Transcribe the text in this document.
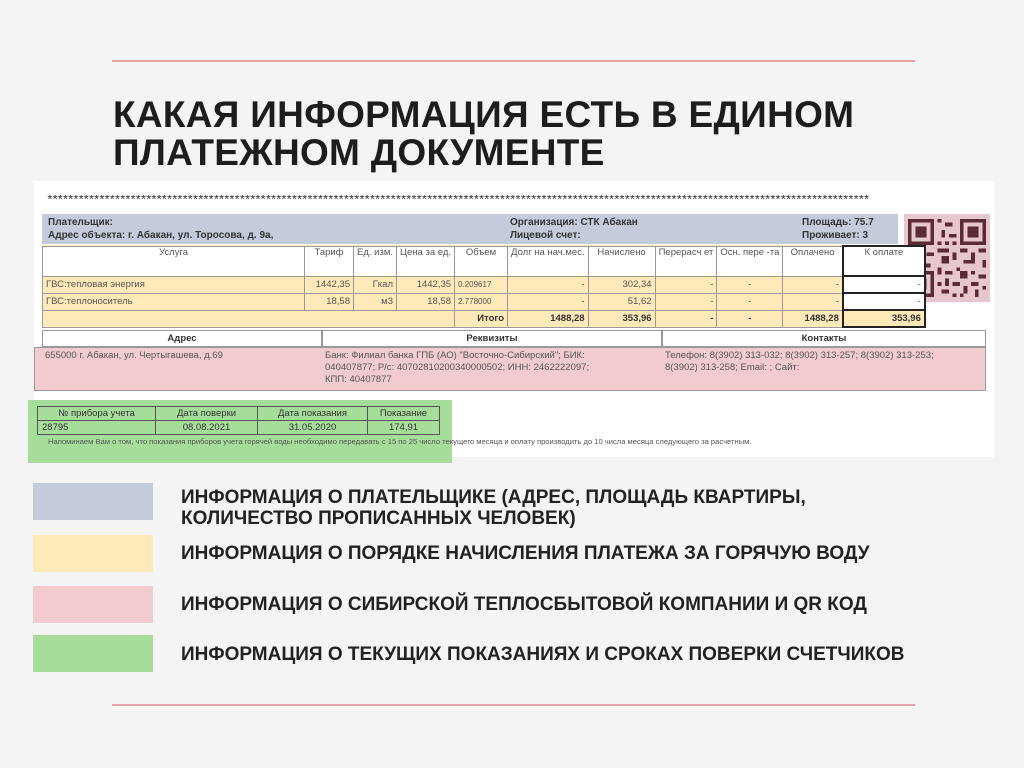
КАКАЯ ИНФОРМАЦИЯ ЕСТЬ В ЕДИНОМ ПЛАТЕЖНОМ ДОКУМЕНТЕ
**************************************************************************************************************************************************************
Плательщик:
Адрес объекта: г. Абакан, ул. Торосова, д. 9а,
Организация: СТК Абакан
Лицевой счет:
Площадь: 75.7
Проживает: 3
Услуга	Тариф	Ед. изм.	Цена за ед.	Объем	Долг на нач.мес.	Начислено	Перерасч ет	Осн. пере -та	Оплачено	К оплате
ГВС:тепловая энергия	1442,35	Гкал	1442,35	0.209617	-	302,34	-	-	-	-
ГВС:теплоноситель	18,58	м3	18,58	2.778000	-	51,62	-	-	-	-
				Итого	1488,28	353,96	-	-	1488,28	353,96
Адрес	Реквизиты	Контакты
655000 г. Абакан, ул. Чертыгашева, д.69	Банк: Филиал банка ГПБ (АО) "Восточно-Сибирский"; БИК:
040407877; Р/с: 40702810200340000502; ИНН: 2462222097;
КПП: 40407877
Телефон: 8(3902) 313-032; 8(3902) 313-257; 8(3902) 313-253;
8(3902) 313-258; Email: ; Сайт:
№ прибора учета	Дата поверки	Дата показания	Показание
28795	08.08.2021	31.05.2020	174,91
Напоминаем Вам о том, что показания приборов учета горячей воды необходимо передавать с 15 по 25 число текущего месяца и оплату производить до 10 числа месяца следующего за расчетным.
ИНФОРМАЦИЯ О ПЛАТЕЛЬЩИКЕ (АДРЕС, ПЛОЩАДЬ КВАРТИРЫ,
КОЛИЧЕСТВО ПРОПИСАННЫХ ЧЕЛОВЕК)
ИНФОРМАЦИЯ О ПОРЯДКЕ НАЧИСЛЕНИЯ ПЛАТЕЖА ЗА ГОРЯЧУЮ ВОДУ
ИНФОРМАЦИЯ О СИБИРСКОЙ ТЕПЛОСБЫТОВОЙ КОМПАНИИ И QR КОД
ИНФОРМАЦИЯ О ТЕКУЩИХ ПОКАЗАНИЯХ И СРОКАХ ПОВЕРКИ СЧЕТЧИКОВ
